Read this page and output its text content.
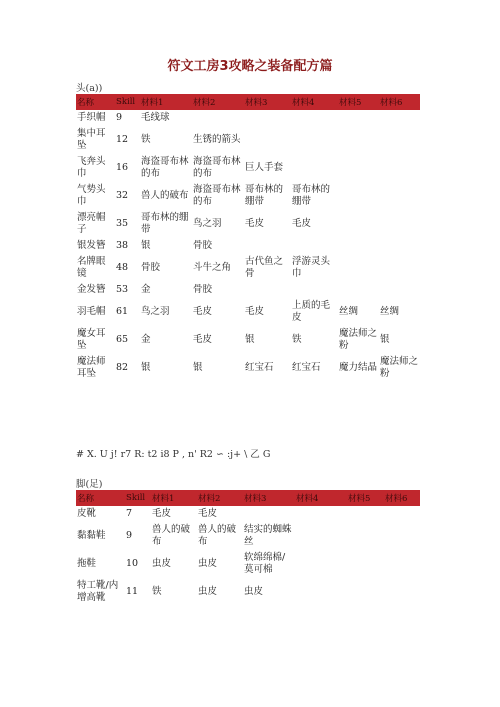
符文工房3攻略之装备配方篇
头(a))
名称	Skill	材料1	材料2	材料3	材料4	材料5	材料6
手织帽	9	毛线球					
集中耳坠	12	铁	生锈的箭头				
飞奔头巾	16	海盗哥布林的布	海盗哥布林的布	巨人手套			
气势头巾	32	兽人的破布	海盗哥布林的布	哥布林的绷带	哥布林的绷带		
漂亮帽子	35	哥布林的绷带	鸟之羽	毛皮	毛皮		
银发簪	38	银	骨胶				
名牌眼镜	48	骨胶	斗牛之角	古代鱼之骨	浮游灵头巾		
金发簪	53	金	骨胶				
羽毛帽	61	鸟之羽	毛皮	毛皮	上质的毛皮	丝绸	丝绸
魔女耳坠	65	金	毛皮	银	铁	魔法师之粉	银
魔法师耳坠	82	银	银	红宝石	红宝石	魔力结晶	魔法师之粉
# X. U j! r7 R: t2 i8 P , n' R2 ∽ :j+ \ 乙 G
脚(足)
名称	Skill	材料1	材料2	材料3	材料4	材料5	材料6
皮靴	7	毛皮	毛皮				
黏黏鞋	9	兽人的破布	兽人的破布	结实的蜘蛛丝			
拖鞋	10	虫皮	虫皮	软绵绵棉/莫可棉			
特工靴/内增高靴	11	铁	虫皮	虫皮			
